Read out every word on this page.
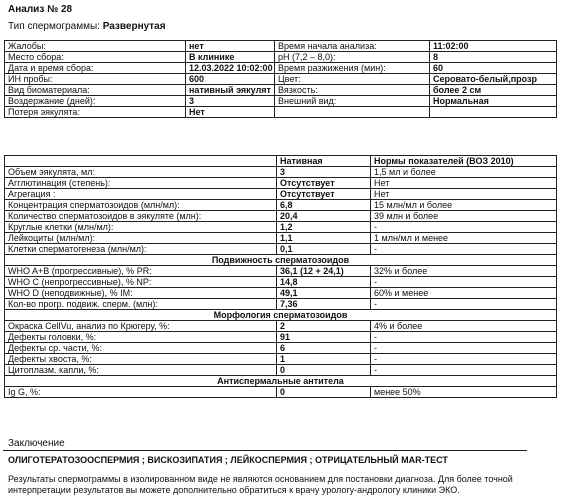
Анализ № 28
Тип спермограммы: Развернутая
Жалобы:	нет	Время начала анализа:	11:02:00
Место сбора:	В клинике	pH (7,2 – 8,0):	8
Дата и время сбора:	12.03.2022 10:02:00	Время разжижения (мин):	60
ИН пробы:	600	Цвет:	Серовато-белый,прозр
Вид биоматериала:	нативный эякулят	Вязкость:	более 2 см
Воздержание (дней):	3	Внешний вид:	Нормальная
Потеря эякулята:	Нет		
	Нативная	Нормы показателей (ВОЗ 2010)
Объем эякулята, мл:	3	1,5 мл и более
Агглютинация (степень):	Отсутствует	Нет
Агрегация :	Отсутствует	Нет
Концентрация сперматозоидов (млн/мл):	6,8	15 млн/мл и более
Количество сперматозоидов в эякуляте (млн):	20,4	39 млн и более
Круглые клетки (млн/мл):	1,2	-
Лейкоциты (млн/мл):	1,1	1 млн/мл и менее
Клетки сперматогенеза (млн/мл):	0,1	-
Подвижность сперматозоидов		
WHO A+B (прогрессивные), % PR:	36,1 (12 + 24,1)	32% и более
WHO C (непрогрессивные), % NP:	14,8	-
WHO D (неподвижные), % IM:	49,1	60% и менее
Кол-во прогр. подвиж. сперм. (млн):	7,36	-
Морфология сперматозоидов		
Окраска CellVu, анализ по Крюгеру, %:	2	4% и более
Дефекты головки, %:	91	-
Дефекты ср. части, %:	6	-
Дефекты хвоста, %:	1	-
Цитоплазм. капли, %:	0	-
Антиспермальные антитела		
Ig G, %:	0	менее 50%
Заключение
ОЛИГОТЕРАТОЗООСПЕРМИЯ ; ВИСКОЗИПАТИЯ ; ЛЕЙКОСПЕРМИЯ ; ОТРИЦАТЕЛЬНЫЙ MAR-ТЕСТ
Результаты спермограммы в изолированном виде не являются основанием для постановки диагноза. Для более точной интерпретации результатов вы можете дополнительно обратиться к врачу урологу-андрологу клиники ЭКО.
